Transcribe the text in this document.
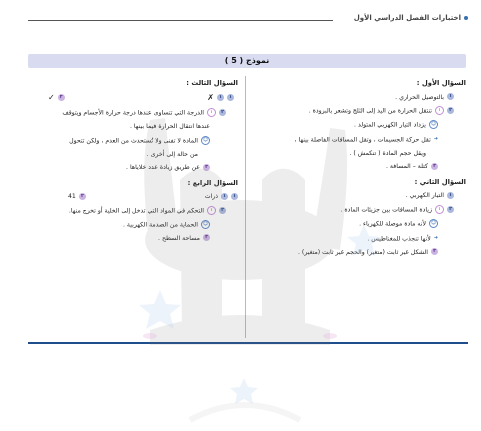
اختبارات الفصل الدراسي الأول
نموذج ( 5 )
السؤال الأول :
١بالتوصيل الحراري .
٢١تنتقل الحرارة من اليد إلى الثلج وتشعر بالبرودة .
☺يزداد التيار الكهربي المتولد .
➜تقل حركة الجسيمات ، وتقل المسافات الفاصلة بينها ،
ويقل حجم المادة ( تنكمش ) .
٣كتلة – المسافة .
السؤال الثاني :
١التيار الكهربي .
٢١زيادة المسافات بين جزيئات المادة .
☺لأنه مادة موصلة للكهرباء .
➜لأنها تنجذب للمغناطيس .
٣الشكل غير ثابت (متغير) والحجم غير ثابت (متغير) .
السؤال الثالث :
١١✗
٢✓
٢١الدرجة التي تتساوى عندها درجة حرارة الأجسام ويتوقف
عندها انتقال الحرارة فيما بينها .
☺المادة لا تفنى ولا تُستحدث من العدم ، ولكن تتحول
من حالة إلى أخرى .
٣عن طريق زيادة عدد خلاياها .
السؤال الرابع :
١١ذرات
٢41
٢١التحكم في المواد التي تدخل إلى الخلية أو تخرج منها.
☺الحماية من الصدمة الكهربية .
٣مساحة السطح .
